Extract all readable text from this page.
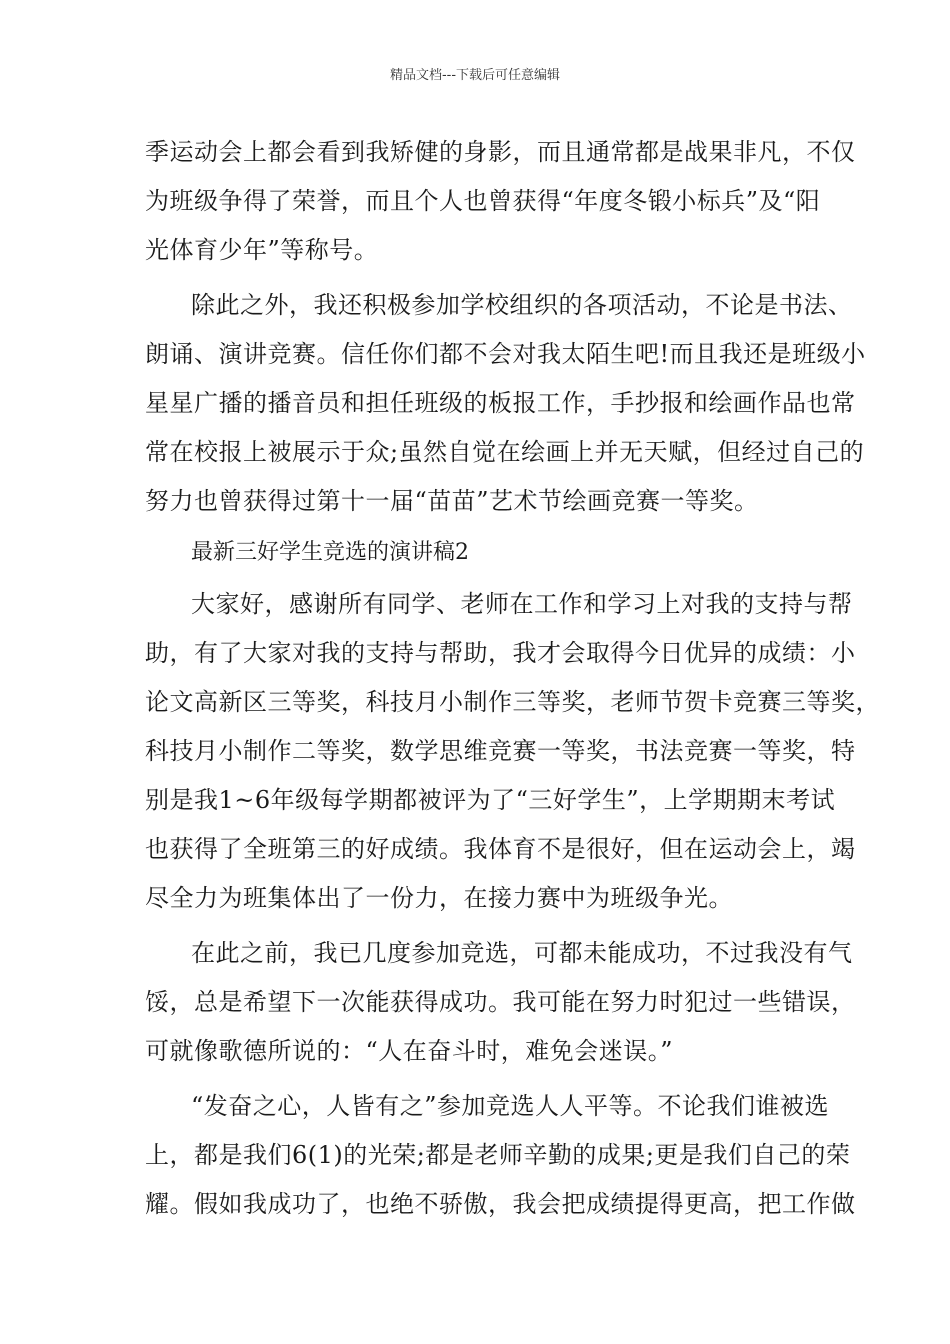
精品文档---下载后可任意编辑
季运动会上都会看到我矫健的身影，而且通常都是战果非凡，不仅
为班级争得了荣誉，而且个人也曾获得“年度冬锻小标兵”及“阳
光体育少年”等称号。
除此之外，我还积极参加学校组织的各项活动，不论是书法、
朗诵、演讲竞赛。信任你们都不会对我太陌生吧!而且我还是班级小
星星广播的播音员和担任班级的板报工作，手抄报和绘画作品也常
常在校报上被展示于众;虽然自觉在绘画上并无天赋，但经过自己的
努力也曾获得过第十一届“苗苗”艺术节绘画竞赛一等奖。
最新三好学生竞选的演讲稿2
大家好，感谢所有同学、老师在工作和学习上对我的支持与帮
助，有了大家对我的支持与帮助，我才会取得今日优异的成绩：小
论文高新区三等奖，科技月小制作三等奖，老师节贺卡竞赛三等奖，
科技月小制作二等奖，数学思维竞赛一等奖，书法竞赛一等奖，特
别是我1~6年级每学期都被评为了“三好学生”，上学期期末考试
也获得了全班第三的好成绩。我体育不是很好，但在运动会上，竭
尽全力为班集体出了一份力，在接力赛中为班级争光。
在此之前，我已几度参加竞选，可都未能成功，不过我没有气
馁，总是希望下一次能获得成功。我可能在努力时犯过一些错误，
可就像歌德所说的：“人在奋斗时，难免会迷误。”
“发奋之心，人皆有之”参加竞选人人平等。不论我们谁被选
上，都是我们6(1)的光荣;都是老师辛勤的成果;更是我们自己的荣
耀。假如我成功了，也绝不骄傲，我会把成绩提得更高，把工作做
